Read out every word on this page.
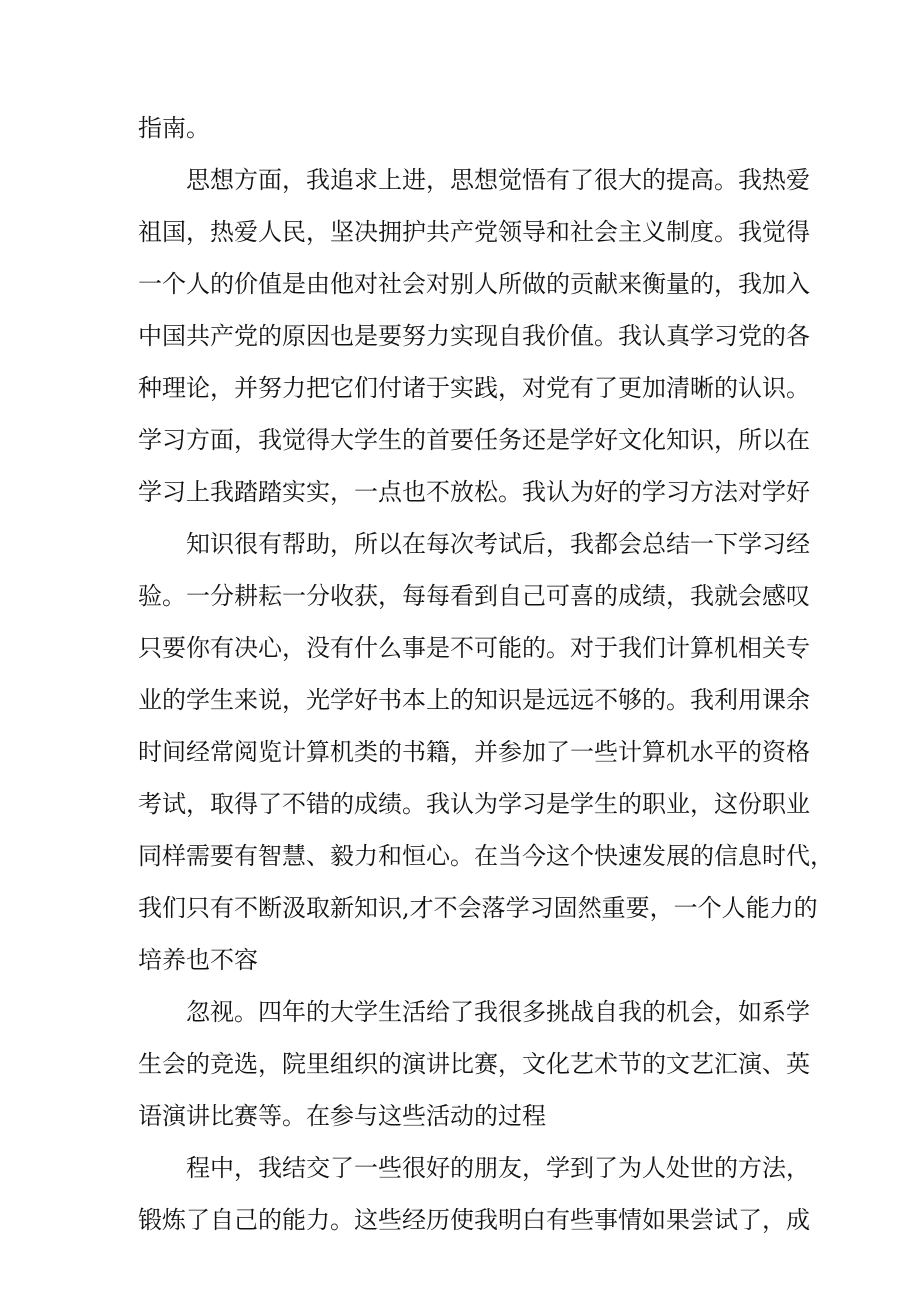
指南。
思想方面，我追求上进，思想觉悟有了很大的提高。我热爱
祖国，热爱人民，坚决拥护共产党领导和社会主义制度。我觉得
一个人的价值是由他对社会对别人所做的贡献来衡量的，我加入
中国共产党的原因也是要努力实现自我价值。我认真学习党的各
种理论，并努力把它们付诸于实践，对党有了更加清晰的认识。
学习方面，我觉得大学生的首要任务还是学好文化知识，所以在
学习上我踏踏实实，一点也不放松。我认为好的学习方法对学好
知识很有帮助，所以在每次考试后，我都会总结一下学习经
验。一分耕耘一分收获，每每看到自己可喜的成绩，我就会感叹
只要你有决心，没有什么事是不可能的。对于我们计算机相关专
业的学生来说，光学好书本上的知识是远远不够的。我利用课余
时间经常阅览计算机类的书籍，并参加了一些计算机水平的资格
考试，取得了不错的成绩。我认为学习是学生的职业，这份职业
同样需要有智慧、毅力和恒心。在当今这个快速发展的信息时代，
我们只有不断汲取新知识,才不会落学习固然重要，一个人能力的
培养也不容
忽视。四年的大学生活给了我很多挑战自我的机会，如系学
生会的竞选，院里组织的演讲比赛，文化艺术节的文艺汇演、英
语演讲比赛等。在参与这些活动的过程
程中，我结交了一些很好的朋友，学到了为人处世的方法，
锻炼了自己的能力。这些经历使我明白有些事情如果尝试了，成
